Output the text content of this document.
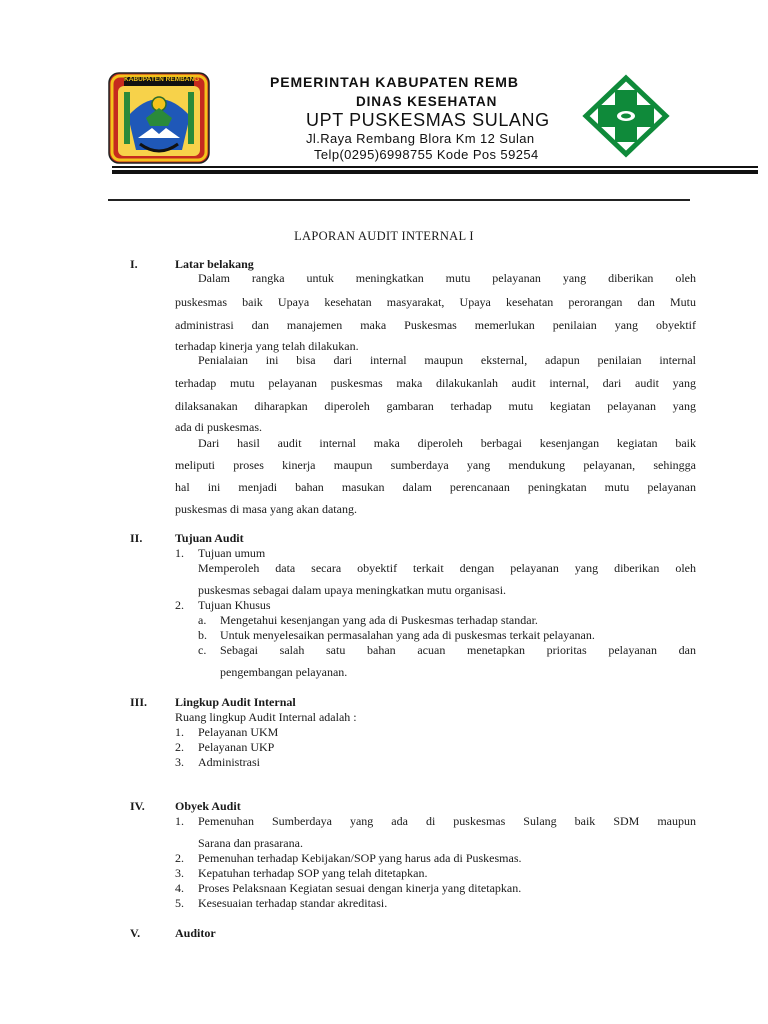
KABUPATEN REMBANG	PEMERINTAH KABUPATEN REMB
DINAS KESEHATAN
UPT PUSKESMAS SULANG
Jl.Raya Rembang Blora Km 12 Sulan
Telp(0295)6998755 Kode Pos 59254
LAPORAN AUDIT INTERNAL I
I.	Latar belakang
Dalam rangka untuk meningkatkan mutu pelayanan yang diberikan oleh
puskesmas baik Upaya kesehatan masyarakat, Upaya kesehatan perorangan dan Mutu
administrasi dan manajemen maka Puskesmas memerlukan penilaian yang obyektif
terhadap kinerja yang telah dilakukan.
Penialaian ini bisa dari internal maupun eksternal, adapun penilaian internal
terhadap mutu pelayanan puskesmas maka dilakukanlah audit internal, dari audit yang
dilaksanakan diharapkan diperoleh gambaran terhadap mutu kegiatan pelayanan yang
ada di puskesmas.
Dari hasil audit internal maka diperoleh berbagai kesenjangan kegiatan baik
meliputi proses kinerja maupun sumberdaya yang mendukung pelayanan, sehingga
hal ini menjadi bahan masukan dalam perencanaan peningkatan mutu pelayanan
puskesmas di masa yang akan datang.
II.	Tujuan Audit
1. Tujuan umum
Memperoleh data secara obyektif terkait dengan pelayanan yang diberikan oleh
puskesmas sebagai dalam upaya meningkatkan mutu organisasi.
2. Tujuan Khusus
a. Mengetahui kesenjangan yang ada di Puskesmas terhadap standar.
b. Untuk menyelesaikan permasalahan yang ada di puskesmas terkait pelayanan.
c. Sebagai salah satu bahan acuan menetapkan prioritas pelayanan dan
pengembangan pelayanan.
III. Lingkup Audit Internal
Ruang lingkup Audit Internal adalah :
1. Pelayanan UKM
2. Pelayanan UKP
3. Administrasi
IV.	Obyek Audit
1. Pemenuhan Sumberdaya yang ada di puskesmas Sulang baik SDM maupun
Sarana dan prasarana.
2. Pemenuhan terhadap Kebijakan/SOP yang harus ada di Puskesmas.
3. Kepatuhan terhadap SOP yang telah ditetapkan.
4. Proses Pelaksnaan Kegiatan sesuai dengan kinerja yang ditetapkan.
5. Kesesuaian terhadap standar akreditasi.
V.	Auditor
